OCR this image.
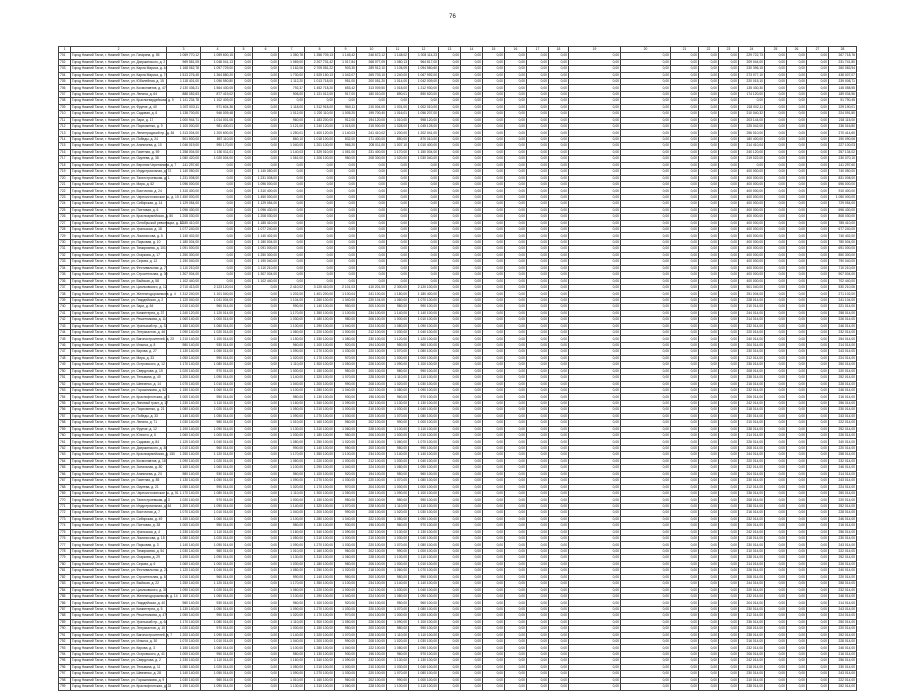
76
1	2	3	4	5	6	7	8	9	10	11	12	13	14	15	16	17	18	19	20	21	22	23	24	25	26	27	28
701	Город Нижний Тагил, г. Нижний Тагил, ул. Гагарина, д. 55	1 069 770,12	1 059 600,15	0,00	0,00	1 350,78	1 358 709,13	1 145,42	246 672,12	1 148,02	1 003 114,23	0,00	0,00	0,00	0,00	0,00	0,00	0,00	0,00	0,00	0,00	0,00	229 722,73	0,00	0,00	0,00	267 718,76
702	Город Нижний Тагил, г. Нижний Тагил, ул. Дзержинского, д. 2	969 581,05	1 048 041,13	0,00	0,00	1 069,00	2 207 731,42	1 017,84	268 077,09	1 080,13	964 617,00	0,00	0,00	0,00	0,00	0,00	0,00	0,00	0,00	0,00	0,00	0,00	209 044,00	0,00	0,00	0,00	231 741,80
703	Город Нижний Тагил, г. Нижний Тагил, ул. Карла Маркса, д. 44	1 168 062,78	1 097 729,00	0,00	0,00	1 162,06	2 705 051,22	903,30	289 912,10	1 105,09	1 094 560,60	0,00	0,00	0,00	0,00	0,00	0,00	0,00	0,00	0,00	0,00	0,00	230 396,15	0,00	0,00	0,00	260 083,94
704	Город Нижний Тагил, г. Нижний Тагил, ул. Карла Маркса, д. 71	1 513 276,45	1 364 880,20	0,00	0,00	1 730,00	1 525 150,13	1 042,07	269 703,10	1 240,00	1 067 992,00	0,00	0,00	0,00	0,00	0,00	0,00	0,00	0,00	0,00	0,00	0,00	273 077,10	0,00	0,00	0,00	438 007,07
705	Город Нижний Тагил, г. Нижний Тагил, ул. Юбилейная, д. 15	1 118 401,00	1 096 550,80	0,00	0,00	1 112,20	1 013 718,00	951,00	200 051,20	1 014,00	1 042 009,00	0,00	0,00	0,00	0,00	0,00	0,00	0,00	0,00	0,00	0,00	0,00	220 015,10	0,00	0,00	0,00	239 008,71
706	Город Нижний Тагил, г. Нижний Тагил, ул. Космонавтов, д. 47	2 130 436,21	1 564 430,05	0,00	0,00	792,37	1 452 718,20	653,42	313 009,50	1 018,00	1 212 930,00	0,00	0,00	0,00	0,00	0,00	0,00	0,00	0,00	0,00	0,00	0,00	135 430,30	0,00	0,00	0,00	145 058,55
707	Город Нижний Тагил, г. Нижний Тагил, ул. Ленина, д. 64	888 052,63	877 419,02	0,00	0,00	906,00	1 121 012,00	917,00	180 010,00	890,01	890 520,00	0,00	0,00	0,00	0,00	0,00	0,00	0,00	0,00	0,00	0,00	0,00	174 120,00	0,00	0,00	0,00	189 034,56
708	Город Нижний Тагил, г. Нижний Тагил, ул. Красногвардейская, д. 9	1 141 234,78	1 102 409,00	0,00	0,00	0,00	0,00	0,00	0,00	0,00	0,00	0,00	0,00	0,00	0,00	0,00	0,00	0,00	0,00	0,00	0,00	0,00	0,00	0,00	0,00	0,00	91 790,45
709	Город Нижний Тагил, г. Нижний Тагил, ул. Фрунзе, д. 40	1 037 003,11	971 604,36	0,00	0,00	1 118,00	1 312 918,00	960,11	210 004,00	1 001,00	1 002 010,00	0,00	0,00	0,00	0,00	0,00	0,00	0,00	0,00	0,00	0,00	0,00	218 002,11	0,00	0,00	0,00	229 190,01
710	Город Нижний Тагил, г. Нижний Тагил, ул. Садовая, д. 6	1 138 700,00	946 009,48	0,00	0,00	1 012,00	1 220 110,00	1 005,20	199 700,40	1 016,01	1 056 207,00	0,00	0,00	0,00	0,00	0,00	0,00	0,00	0,00	0,00	0,00	0,00	210 040,32	0,00	0,00	0,00	224 091,80
711	Город Нижний Тагил, г. Нижний Тагил, ул. Зари, д. 17	1 000 944,71	1 014 001,06	0,00	0,00	960,00	1 183 200,00	912,00	194 120,00	1 010,00	998 120,00	0,00	0,00	0,00	0,00	0,00	0,00	0,00	0,00	0,00	0,00	0,00	203 144,00	0,00	0,00	0,00	218 115,00
712	Город Нижний Тагил, г. Нижний Тагил, ул. Пархоменко, д. 9	1 100 000,00	981 400,01	0,00	0,00	1 121,00	1 240 120,00	1 015,00	215 000,00	1 028,00	1 045 125,00	0,00	0,00	0,00	0,00	0,00	0,00	0,00	0,00	0,00	0,00	0,00	225 042,00	0,00	0,00	0,00	236 016,80
713	Город Нижний Тагил, г. Нижний Тагил, ул. Ленинградский пр., д. 84	1 313 004,00	1 200 600,00	0,00	0,00	1 250,01	1 400 120,00	1 140,03	241 410,02	1 200,00	1 202 041,00	0,00	0,00	0,00	0,00	0,00	0,00	0,00	0,00	0,00	0,00	0,00	256 010,00	0,00	0,00	0,00	270 414,60
714	Город Нижний Тагил, г. Нижний Тагил, ул. Победы, д. 24	901 500,00	857 110,00	0,00	0,00	860,10	1 018 100,00	832,00	171 400,00	850,00	870 010,00	0,00	0,00	0,00	0,00	0,00	0,00	0,00	0,00	0,00	0,00	0,00	180 400,00	0,00	0,00	0,00	190 090,06
715	Город Нижний Тагил, г. Нижний Тагил, ул. Аганичева, д. 10	1 046 019,00	990 170,00	0,00	0,00	1 040,00	1 201 100,00	965,20	205 011,00	1 007,10	1 010 400,00	0,00	0,00	0,00	0,00	0,00	0,00	0,00	0,00	0,00	0,00	0,00	214 410,04	0,00	0,00	0,00	227 100,03
716	Город Нижний Тагил, г. Нижний Тагил, ул. Газетная, д. 59	1 258 004,00	1 150 011,01	0,00	0,00	1 140,03	1 329 010,00	1 051,00	231 400,00	1 170,00	1 150 004,00	0,00	0,00	0,00	0,00	0,00	0,00	0,00	0,00	0,00	0,00	0,00	240 120,00	0,00	0,00	0,00	257 134,02
717	Город Нижний Тагил, г. Нижний Тагил, ул. Окунева, д. 38	1 080 420,00	1 020 004,00	0,00	0,00	1 061,00	1 206 100,00	980,00	208 300,00	1 020,00	1 030 040,00	0,00	0,00	0,00	0,00	0,00	0,00	0,00	0,00	0,00	0,00	0,00	219 022,00	0,00	0,00	0,00	230 070,10
718	Город Нижний Тагил, г. Нижний Тагил, ул. Верхняя Черепанова, д. 7	141 297,60	0,00	0,00	0,00	0,00	0,00	0,00	0,00	0,00	0,00	0,00	0,00	0,00	0,00	0,00	0,00	0,00	0,00	0,00	0,00	0,00	0,00	0,00	0,00	0,00	141 297,60
719	Город Нижний Тагил, г. Нижний Тагил, ул. Индустриальная, д. 72	1 140 050,00	0,00	0,00	1 140 050,00	0,00	0,00	0,00	0,00	0,00	0,00	0,00	0,00	0,00	0,00	0,00	0,00	0,00	0,00	0,00	0,00	0,00	400 000,00	0,00	0,00	0,00	740 050,00
720	Город Нижний Тагил, г. Нижний Тагил, ул. Тагилстроевская, д. 1	1 231 008,00	0,00	0,00	1 231 008,00	0,00	0,00	0,00	0,00	0,00	0,00	0,00	0,00	0,00	0,00	0,00	0,00	0,00	0,00	0,00	0,00	0,00	400 000,00	0,00	0,00	0,00	831 008,00
721	Город Нижний Тагил, г. Нижний Тагил, ул. Мира, д. 62	1 096 000,00	0,00	0,00	1 096 000,00	0,00	0,00	0,00	0,00	0,00	0,00	0,00	0,00	0,00	0,00	0,00	0,00	0,00	0,00	0,00	0,00	0,00	400 000,00	0,00	0,00	0,00	696 000,00
722	Город Нижний Тагил, г. Нижний Тагил, ул. Восточная, д. 24	1 310 400,00	0,00	0,00	1 310 400,00	0,00	0,00	0,00	0,00	0,00	0,00	0,00	0,00	0,00	0,00	0,00	0,00	0,00	0,00	0,00	0,00	0,00	400 000,00	0,00	0,00	0,00	910 400,00
723	Город Нижний Тагил, г. Нижний Тагил, ул. Черноисточинское ш., д. 19	1 450 000,00	0,00	0,00	1 450 000,00	0,00	0,00	0,00	0,00	0,00	0,00	0,00	0,00	0,00	0,00	0,00	0,00	0,00	0,00	0,00	0,00	0,00	400 000,00	0,00	0,00	0,00	1 050 000,00
724	Город Нижний Тагил, г. Нижний Тагил, ул. Сибирская, д. 14	1 129 054,00	0,00	0,00	1 129 054,00	0,00	0,00	0,00	0,00	0,00	0,00	0,00	0,00	0,00	0,00	0,00	0,00	0,00	0,00	0,00	0,00	0,00	400 000,00	0,00	0,00	0,00	729 054,00
725	Город Нижний Тагил, г. Нижний Тагил, ул. Пихтовая, д. 6	1 096 430,00	0,00	0,00	1 096 430,00	0,00	0,00	0,00	0,00	0,00	0,00	0,00	0,00	0,00	0,00	0,00	0,00	0,00	0,00	0,00	0,00	0,00	400 000,00	0,00	0,00	0,00	696 430,00
726	Город Нижний Тагил, г. Нижний Тагил, ул. Красноармейская, д. 80	1 208 030,00	0,00	0,00	1 208 030,00	0,00	0,00	0,00	0,00	0,00	0,00	0,00	0,00	0,00	0,00	0,00	0,00	0,00	0,00	0,00	0,00	0,00	400 000,00	0,00	0,00	0,00	808 030,00
727	Город Нижний Тагил, г. Нижний Тагил, ул. Октябрьской революции, д. 32	1 185 410,00	0,00	0,00	1 185 410,00	0,00	0,00	0,00	0,00	0,00	0,00	0,00	0,00	0,00	0,00	0,00	0,00	0,00	0,00	0,00	0,00	0,00	400 000,00	0,00	0,00	0,00	785 410,00
728	Город Нижний Тагил, г. Нижний Тагил, ул. Уральская, д. 18	1 077 240,00	0,00	0,00	1 077 240,00	0,00	0,00	0,00	0,00	0,00	0,00	0,00	0,00	0,00	0,00	0,00	0,00	0,00	0,00	0,00	0,00	0,00	400 000,00	0,00	0,00	0,00	677 240,00
729	Город Нижний Тагил, г. Нижний Тагил, ул. Ломоносова, д. 5	1 140 402,00	0,00	0,00	1 140 402,00	0,00	0,00	0,00	0,00	0,00	0,00	0,00	0,00	0,00	0,00	0,00	0,00	0,00	0,00	0,00	0,00	0,00	400 000,00	0,00	0,00	0,00	740 402,00
730	Город Нижний Тагил, г. Нижний Тагил, ул. Парковая, д. 10	1 180 004,00	0,00	0,00	1 180 004,00	0,00	0,00	0,00	0,00	0,00	0,00	0,00	0,00	0,00	0,00	0,00	0,00	0,00	0,00	0,00	0,00	0,00	400 000,00	0,00	0,00	0,00	780 004,00
731	Город Нижний Тагил, г. Нижний Тагил, ул. Тимирязева, д. 101	1 091 000,00	0,00	0,00	1 091 000,00	0,00	0,00	0,00	0,00	0,00	0,00	0,00	0,00	0,00	0,00	0,00	0,00	0,00	0,00	0,00	0,00	0,00	400 000,00	0,00	0,00	0,00	691 000,00
732	Город Нижний Тагил, г. Нижний Тагил, ул. Огаркова, д. 17	1 250 300,00	0,00	0,00	1 250 300,00	0,00	0,00	0,00	0,00	0,00	0,00	0,00	0,00	0,00	0,00	0,00	0,00	0,00	0,00	0,00	0,00	0,00	400 000,00	0,00	0,00	0,00	850 300,00
733	Город Нижний Тагил, г. Нижний Тагил, ул. Серова, д. 12	1 190 040,00	0,00	0,00	1 190 040,00	0,00	0,00	0,00	0,00	0,00	0,00	0,00	0,00	0,00	0,00	0,00	0,00	0,00	0,00	0,00	0,00	0,00	400 000,00	0,00	0,00	0,00	790 040,00
734	Город Нижний Тагил, г. Нижний Тагил, ул. Фестивальная, д. 7	1 110 210,00	0,00	0,00	1 110 210,00	0,00	0,00	0,00	0,00	0,00	0,00	0,00	0,00	0,00	0,00	0,00	0,00	0,00	0,00	0,00	0,00	0,00	400 000,00	0,00	0,00	0,00	710 210,00
735	Город Нижний Тагил, г. Нижний Тагил, ул. Строительная, д. 30	1 307 004,00	0,00	0,00	1 307 004,00	0,00	0,00	0,00	0,00	0,00	0,00	0,00	0,00	0,00	0,00	0,00	0,00	0,00	0,00	0,00	0,00	0,00	400 000,00	0,00	0,00	0,00	907 004,00
736	Город Нижний Тагил, г. Нижний Тагил, ул. Выйская, д. 58	1 102 440,00	0,00	0,00	1 102 440,00	0,00	0,00	0,00	0,00	0,00	0,00	0,00	0,00	0,00	0,00	0,00	0,00	0,00	0,00	0,00	0,00	0,00	400 000,00	0,00	0,00	0,00	702 440,00
737	Город Нижний Тагил, г. Нижний Тагил, ул. Циолковского, д. 12	2 710 413,00	2 123 120,04	0,00	0,00	2 410,02	3 120 410,00	2 101,03	410 201,00	2 300,00	2 120 100,00	0,00	0,00	0,00	0,00	0,00	0,00	0,00	0,00	0,00	0,00	0,00	501 040,00	0,00	0,00	0,00	530 210,06
738	Город Нижний Тагил, г. Нижний Тагил, ул. Железнодорожников, д. 4	1 312 240,00	1 101 040,00	0,00	0,00	1 202,00	1 401 200,00	1 100,04	241 100,00	1 180,00	1 180 400,00	0,00	0,00	0,00	0,00	0,00	0,00	0,00	0,00	0,00	0,00	0,00	251 004,00	0,00	0,00	0,00	271 102,00
739	Город Нижний Тагил, г. Нижний Тагил, ул. Гвардейская, д. 2	1 120 040,00	1 041 004,00	0,00	0,00	1 104,00	1 260 100,00	1 040,00	220 104,00	1 060,00	1 070 100,00	0,00	0,00	0,00	0,00	0,00	0,00	0,00	0,00	0,00	0,00	0,00	228 014,00	0,00	0,00	0,00	241 104,00
740	Город Нижний Тагил, г. Нижний Тагил, ул. Зари, д. 64	1 010 140,00	960 014,00	0,00	0,00	990,00	1 140 100,00	950,00	200 100,00	980,00	990 100,00	0,00	0,00	0,00	0,00	0,00	0,00	0,00	0,00	0,00	0,00	0,00	210 014,00	0,00	0,00	0,00	221 014,00
741	Город Нижний Тагил, г. Нижний Тагил, ул. Коминтерна, д. 37	1 240 120,00	1 120 014,00	0,00	0,00	1 170,00	1 350 100,00	1 100,00	234 100,00	1 140,00	1 140 100,00	0,00	0,00	0,00	0,00	0,00	0,00	0,00	0,00	0,00	0,00	0,00	244 014,00	0,00	0,00	0,00	258 014,00
742	Город Нижний Тагил, г. Нижний Тагил, ул. Решетникова, д. 11	1 060 140,00	1 000 014,00	0,00	0,00	1 030,00	1 180 100,00	980,00	206 100,00	1 000,00	1 010 100,00	0,00	0,00	0,00	0,00	0,00	0,00	0,00	0,00	0,00	0,00	0,00	214 014,00	0,00	0,00	0,00	226 014,00
743	Город Нижний Тагил, г. Нижний Тагил, ул. Уральский пр., д. 31	1 160 140,00	1 060 014,00	0,00	0,00	1 100,00	1 290 100,00	1 040,00	224 100,00	1 080,00	1 090 100,00	0,00	0,00	0,00	0,00	0,00	0,00	0,00	0,00	0,00	0,00	0,00	232 014,00	0,00	0,00	0,00	246 014,00
744	Город Нижний Тагил, г. Нижний Тагил, ул. Энтузиастов, д. 46	1 090 140,00	1 020 014,00	0,00	0,00	1 060,00	1 220 100,00	1 000,00	212 100,00	1 030,00	1 040 100,00	0,00	0,00	0,00	0,00	0,00	0,00	0,00	0,00	0,00	0,00	0,00	220 014,00	0,00	0,00	0,00	232 014,00
745	Город Нижний Тагил, г. Нижний Тагил, ул. Вагоностроителей, д. 23	1 210 140,00	1 100 014,00	0,00	0,00	1 150,00	1 330 100,00	1 080,00	230 100,00	1 120,00	1 120 100,00	0,00	0,00	0,00	0,00	0,00	0,00	0,00	0,00	0,00	0,00	0,00	240 014,00	0,00	0,00	0,00	254 014,00
746	Город Нижний Тагил, г. Нижний Тагил, ул. Ильича, д. 8	980 140,00	930 014,00	0,00	0,00	960,00	1 100 100,00	920,00	194 100,00	950,00	960 100,00	0,00	0,00	0,00	0,00	0,00	0,00	0,00	0,00	0,00	0,00	0,00	204 014,00	0,00	0,00	0,00	214 014,00
747	Город Нижний Тагил, г. Нижний Тагил, ул. Кирова, д. 27	1 130 140,00	1 050 014,00	0,00	0,00	1 090,00	1 270 100,00	1 030,00	220 100,00	1 070,00	1 080 100,00	0,00	0,00	0,00	0,00	0,00	0,00	0,00	0,00	0,00	0,00	0,00	230 014,00	0,00	0,00	0,00	243 014,00
748	Город Нижний Тагил, г. Нижний Тагил, ул. Мира, д. 33	1 050 140,00	990 014,00	0,00	0,00	1 020,00	1 170 100,00	970,00	204 100,00	1 000,00	1 000 100,00	0,00	0,00	0,00	0,00	0,00	0,00	0,00	0,00	0,00	0,00	0,00	212 014,00	0,00	0,00	0,00	224 014,00
749	Город Нижний Тагил, г. Нижний Тагил, ул. Островского, д. 12	1 170 140,00	1 080 014,00	0,00	0,00	1 110,00	1 300 100,00	1 050,00	226 100,00	1 090,00	1 100 100,00	0,00	0,00	0,00	0,00	0,00	0,00	0,00	0,00	0,00	0,00	0,00	236 014,00	0,00	0,00	0,00	250 014,00
750	Город Нижний Тагил, г. Нижний Тагил, ул. Свердлова, д. 19	1 020 140,00	970 014,00	0,00	0,00	1 000,00	1 150 100,00	950,00	200 100,00	980,00	990 100,00	0,00	0,00	0,00	0,00	0,00	0,00	0,00	0,00	0,00	0,00	0,00	208 014,00	0,00	0,00	0,00	220 014,00
751	Город Нижний Тагил, г. Нижний Тагил, ул. Тельмана, д. 40	1 200 140,00	1 090 014,00	0,00	0,00	1 140,00	1 320 100,00	1 070,00	228 100,00	1 110,00	1 110 100,00	0,00	0,00	0,00	0,00	0,00	0,00	0,00	0,00	0,00	0,00	0,00	238 014,00	0,00	0,00	0,00	252 014,00
752	Город Нижний Тагил, г. Нижний Тагил, ул. Шевченко, д. 14	1 070 140,00	1 010 014,00	0,00	0,00	1 040,00	1 200 100,00	990,00	208 100,00	1 020,00	1 030 100,00	0,00	0,00	0,00	0,00	0,00	0,00	0,00	0,00	0,00	0,00	0,00	216 014,00	0,00	0,00	0,00	228 014,00
753	Город Нижний Тагил, г. Нижний Тагил, ул. Горошникова, д. 52	1 150 140,00	1 060 014,00	0,00	0,00	1 100,00	1 280 100,00	1 040,00	222 100,00	1 080,00	1 090 100,00	0,00	0,00	0,00	0,00	0,00	0,00	0,00	0,00	0,00	0,00	0,00	232 014,00	0,00	0,00	0,00	246 014,00
754	Город Нижний Тагил, г. Нижний Тагил, ул. Краснофлотская, д. 5	1 000 140,00	950 014,00	0,00	0,00	980,00	1 130 100,00	930,00	196 100,00	960,00	970 100,00	0,00	0,00	0,00	0,00	0,00	0,00	0,00	0,00	0,00	0,00	0,00	206 014,00	0,00	0,00	0,00	216 014,00
755	Город Нижний Тагил, г. Нижний Тагил, ул. Липовый тракт, д. 17	1 230 140,00	1 110 014,00	0,00	0,00	1 160,00	1 340 100,00	1 090,00	232 100,00	1 130,00	1 130 100,00	0,00	0,00	0,00	0,00	0,00	0,00	0,00	0,00	0,00	0,00	0,00	242 014,00	0,00	0,00	0,00	256 014,00
756	Город Нижний Тагил, г. Нижний Тагил, ул. Пархоменко, д. 21	1 080 140,00	1 020 014,00	0,00	0,00	1 050,00	1 210 100,00	1 000,00	210 100,00	1 030,00	1 040 100,00	0,00	0,00	0,00	0,00	0,00	0,00	0,00	0,00	0,00	0,00	0,00	218 014,00	0,00	0,00	0,00	230 014,00
757	Город Нижний Тагил, г. Нижний Тагил, ул. Победы, д. 33	1 140 140,00	1 050 014,00	0,00	0,00	1 090,00	1 270 100,00	1 030,00	220 100,00	1 070,00	1 080 100,00	0,00	0,00	0,00	0,00	0,00	0,00	0,00	0,00	0,00	0,00	0,00	230 014,00	0,00	0,00	0,00	243 014,00
758	Город Нижний Тагил, г. Нижний Тагил, ул. Ленина, д. 71	1 030 140,00	980 014,00	0,00	0,00	1 010,00	1 160 100,00	960,00	202 100,00	990,00	1 000 100,00	0,00	0,00	0,00	0,00	0,00	0,00	0,00	0,00	0,00	0,00	0,00	210 014,00	0,00	0,00	0,00	222 014,00
759	Город Нижний Тагил, г. Нижний Тагил, ул. Фрунзе, д. 12	1 190 140,00	1 090 014,00	0,00	0,00	1 130,00	1 310 100,00	1 060,00	228 100,00	1 100,00	1 110 100,00	0,00	0,00	0,00	0,00	0,00	0,00	0,00	0,00	0,00	0,00	0,00	238 014,00	0,00	0,00	0,00	252 014,00
760	Город Нижний Тагил, г. Нижний Тагил, ул. Юности, д. 6	1 060 140,00	1 000 014,00	0,00	0,00	1 030,00	1 180 100,00	980,00	206 100,00	1 000,00	1 010 100,00	0,00	0,00	0,00	0,00	0,00	0,00	0,00	0,00	0,00	0,00	0,00	214 014,00	0,00	0,00	0,00	226 014,00
761	Город Нижний Тагил, г. Нижний Тагил, ул. Садовая, д. 84	1 120 140,00	1 040 014,00	0,00	0,00	1 080,00	1 250 100,00	1 020,00	218 100,00	1 060,00	1 070 100,00	0,00	0,00	0,00	0,00	0,00	0,00	0,00	0,00	0,00	0,00	0,00	226 014,00	0,00	0,00	0,00	240 014,00
762	Город Нижний Тагил, г. Нижний Тагил, ул. Дзержинского, д. 36	1 010 140,00	960 014,00	0,00	0,00	990,00	1 140 100,00	950,00	200 100,00	980,00	990 100,00	0,00	0,00	0,00	0,00	0,00	0,00	0,00	0,00	0,00	0,00	0,00	208 014,00	0,00	0,00	0,00	220 014,00
763	Город Нижний Тагил, г. Нижний Тагил, ул. Красноармейская, д. 150	1 250 140,00	1 120 014,00	0,00	0,00	1 170,00	1 350 100,00	1 100,00	234 100,00	1 140,00	1 140 100,00	0,00	0,00	0,00	0,00	0,00	0,00	0,00	0,00	0,00	0,00	0,00	244 014,00	0,00	0,00	0,00	258 014,00
764	Город Нижний Тагил, г. Нижний Тагил, ул. Космонавтов, д. 18	1 090 140,00	1 020 014,00	0,00	0,00	1 060,00	1 220 100,00	1 000,00	212 100,00	1 030,00	1 040 100,00	0,00	0,00	0,00	0,00	0,00	0,00	0,00	0,00	0,00	0,00	0,00	220 014,00	0,00	0,00	0,00	232 014,00
765	Город Нижний Тагил, г. Нижний Тагил, ул. Зональная, д. 80	1 160 140,00	1 060 014,00	0,00	0,00	1 100,00	1 290 100,00	1 040,00	224 100,00	1 080,00	1 090 100,00	0,00	0,00	0,00	0,00	0,00	0,00	0,00	0,00	0,00	0,00	0,00	232 014,00	0,00	0,00	0,00	246 014,00
766	Город Нижний Тагил, г. Нижний Тагил, ул. Аганичева, д. 24	980 140,00	930 014,00	0,00	0,00	960,00	1 100 100,00	920,00	194 100,00	950,00	960 100,00	0,00	0,00	0,00	0,00	0,00	0,00	0,00	0,00	0,00	0,00	0,00	204 014,00	0,00	0,00	0,00	214 014,00
767	Город Нижний Тагил, г. Нижний Тагил, ул. Газетная, д. 85	1 130 140,00	1 050 014,00	0,00	0,00	1 090,00	1 270 100,00	1 030,00	220 100,00	1 070,00	1 080 100,00	0,00	0,00	0,00	0,00	0,00	0,00	0,00	0,00	0,00	0,00	0,00	230 014,00	0,00	0,00	0,00	243 014,00
768	Город Нижний Тагил, г. Нижний Тагил, ул. Окунева, д. 21	1 050 140,00	990 014,00	0,00	0,00	1 020,00	1 170 100,00	970,00	204 100,00	1 000,00	1 000 100,00	0,00	0,00	0,00	0,00	0,00	0,00	0,00	0,00	0,00	0,00	0,00	212 014,00	0,00	0,00	0,00	224 014,00
769	Город Нижний Тагил, г. Нижний Тагил, ул. Черноисточинское ш., д. 51	1 170 140,00	1 080 014,00	0,00	0,00	1 110,00	1 300 100,00	1 050,00	226 100,00	1 090,00	1 100 100,00	0,00	0,00	0,00	0,00	0,00	0,00	0,00	0,00	0,00	0,00	0,00	236 014,00	0,00	0,00	0,00	250 014,00
770	Город Нижний Тагил, г. Нижний Тагил, ул. Тагилстроевская, д. 3	1 020 140,00	970 014,00	0,00	0,00	1 000,00	1 150 100,00	950,00	200 100,00	980,00	990 100,00	0,00	0,00	0,00	0,00	0,00	0,00	0,00	0,00	0,00	0,00	0,00	208 014,00	0,00	0,00	0,00	220 014,00
771	Город Нижний Тагил, г. Нижний Тагил, ул. Индустриальная, д. 46	1 200 140,00	1 090 014,00	0,00	0,00	1 140,00	1 320 100,00	1 070,00	228 100,00	1 110,00	1 110 100,00	0,00	0,00	0,00	0,00	0,00	0,00	0,00	0,00	0,00	0,00	0,00	238 014,00	0,00	0,00	0,00	252 014,00
772	Город Нижний Тагил, г. Нижний Тагил, ул. Восточная, д. 7	1 070 140,00	1 010 014,00	0,00	0,00	1 040,00	1 200 100,00	990,00	208 100,00	1 020,00	1 030 100,00	0,00	0,00	0,00	0,00	0,00	0,00	0,00	0,00	0,00	0,00	0,00	216 014,00	0,00	0,00	0,00	228 014,00
773	Город Нижний Тагил, г. Нижний Тагил, ул. Сибирская, д. 49	1 150 140,00	1 060 014,00	0,00	0,00	1 100,00	1 280 100,00	1 040,00	222 100,00	1 080,00	1 090 100,00	0,00	0,00	0,00	0,00	0,00	0,00	0,00	0,00	0,00	0,00	0,00	232 014,00	0,00	0,00	0,00	246 014,00
774	Город Нижний Тагил, г. Нижний Тагил, ул. Пихтовая, д. 38	1 000 140,00	950 014,00	0,00	0,00	980,00	1 130 100,00	930,00	196 100,00	960,00	970 100,00	0,00	0,00	0,00	0,00	0,00	0,00	0,00	0,00	0,00	0,00	0,00	206 014,00	0,00	0,00	0,00	216 014,00
775	Город Нижний Тагил, г. Нижний Тагил, ул. Уральская, д. 4	1 230 140,00	1 110 014,00	0,00	0,00	1 160,00	1 340 100,00	1 090,00	232 100,00	1 130,00	1 130 100,00	0,00	0,00	0,00	0,00	0,00	0,00	0,00	0,00	0,00	0,00	0,00	242 014,00	0,00	0,00	0,00	256 014,00
776	Город Нижний Тагил, г. Нижний Тагил, ул. Ломоносова, д. 15	1 080 140,00	1 020 014,00	0,00	0,00	1 050,00	1 210 100,00	1 000,00	210 100,00	1 030,00	1 040 100,00	0,00	0,00	0,00	0,00	0,00	0,00	0,00	0,00	0,00	0,00	0,00	218 014,00	0,00	0,00	0,00	230 014,00
777	Город Нижний Тагил, г. Нижний Тагил, ул. Парковая, д. 3	1 140 140,00	1 050 014,00	0,00	0,00	1 090,00	1 270 100,00	1 030,00	220 100,00	1 070,00	1 080 100,00	0,00	0,00	0,00	0,00	0,00	0,00	0,00	0,00	0,00	0,00	0,00	230 014,00	0,00	0,00	0,00	243 014,00
778	Город Нижний Тагил, г. Нижний Тагил, ул. Тимирязева, д. 54	1 030 140,00	980 014,00	0,00	0,00	1 010,00	1 160 100,00	960,00	202 100,00	990,00	1 000 100,00	0,00	0,00	0,00	0,00	0,00	0,00	0,00	0,00	0,00	0,00	0,00	210 014,00	0,00	0,00	0,00	222 014,00
779	Город Нижний Тагил, г. Нижний Тагил, ул. Огаркова, д. 29	1 190 140,00	1 090 014,00	0,00	0,00	1 130,00	1 310 100,00	1 060,00	228 100,00	1 100,00	1 110 100,00	0,00	0,00	0,00	0,00	0,00	0,00	0,00	0,00	0,00	0,00	0,00	238 014,00	0,00	0,00	0,00	252 014,00
780	Город Нижний Тагил, г. Нижний Тагил, ул. Серова, д. 6	1 060 140,00	1 000 014,00	0,00	0,00	1 030,00	1 180 100,00	980,00	206 100,00	1 000,00	1 010 100,00	0,00	0,00	0,00	0,00	0,00	0,00	0,00	0,00	0,00	0,00	0,00	214 014,00	0,00	0,00	0,00	226 014,00
781	Город Нижний Тагил, г. Нижний Тагил, ул. Фестивальная, д. 21	1 120 140,00	1 040 014,00	0,00	0,00	1 080,00	1 250 100,00	1 020,00	218 100,00	1 060,00	1 070 100,00	0,00	0,00	0,00	0,00	0,00	0,00	0,00	0,00	0,00	0,00	0,00	226 014,00	0,00	0,00	0,00	240 014,00
782	Город Нижний Тагил, г. Нижний Тагил, ул. Строительная, д. 8	1 010 140,00	960 014,00	0,00	0,00	990,00	1 140 100,00	950,00	200 100,00	980,00	990 100,00	0,00	0,00	0,00	0,00	0,00	0,00	0,00	0,00	0,00	0,00	0,00	208 014,00	0,00	0,00	0,00	220 014,00
783	Город Нижний Тагил, г. Нижний Тагил, ул. Выйская, д. 22	1 250 140,00	1 120 014,00	0,00	0,00	1 170,00	1 350 100,00	1 100,00	234 100,00	1 140,00	1 140 100,00	0,00	0,00	0,00	0,00	0,00	0,00	0,00	0,00	0,00	0,00	0,00	244 014,00	0,00	0,00	0,00	258 014,00
784	Город Нижний Тагил, г. Нижний Тагил, ул. Циолковского, д. 30	1 090 140,00	1 020 014,00	0,00	0,00	1 060,00	1 220 100,00	1 000,00	212 100,00	1 030,00	1 040 100,00	0,00	0,00	0,00	0,00	0,00	0,00	0,00	0,00	0,00	0,00	0,00	220 014,00	0,00	0,00	0,00	232 014,00
785	Город Нижний Тагил, г. Нижний Тагил, ул. Железнодорожников, д. 14	1 160 140,00	1 060 014,00	0,00	0,00	1 100,00	1 290 100,00	1 040,00	224 100,00	1 080,00	1 090 100,00	0,00	0,00	0,00	0,00	0,00	0,00	0,00	0,00	0,00	0,00	0,00	232 014,00	0,00	0,00	0,00	246 014,00
786	Город Нижний Тагил, г. Нижний Тагил, ул. Гвардейская, д. 40	980 140,00	930 014,00	0,00	0,00	960,00	1 100 100,00	920,00	194 100,00	950,00	960 100,00	0,00	0,00	0,00	0,00	0,00	0,00	0,00	0,00	0,00	0,00	0,00	204 014,00	0,00	0,00	0,00	214 014,00
787	Город Нижний Тагил, г. Нижний Тагил, ул. Коминтерна, д. 5	1 130 140,00	1 050 014,00	0,00	0,00	1 090,00	1 270 100,00	1 030,00	220 100,00	1 070,00	1 080 100,00	0,00	0,00	0,00	0,00	0,00	0,00	0,00	0,00	0,00	0,00	0,00	230 014,00	0,00	0,00	0,00	243 014,00
788	Город Нижний Тагил, г. Нижний Тагил, ул. Решетникова, д. 47	1 050 140,00	990 014,00	0,00	0,00	1 020,00	1 170 100,00	970,00	204 100,00	1 000,00	1 000 100,00	0,00	0,00	0,00	0,00	0,00	0,00	0,00	0,00	0,00	0,00	0,00	212 014,00	0,00	0,00	0,00	224 014,00
789	Город Нижний Тагил, г. Нижний Тагил, ул. Уральский пр., д. 64	1 170 140,00	1 080 014,00	0,00	0,00	1 110,00	1 300 100,00	1 050,00	226 100,00	1 090,00	1 100 100,00	0,00	0,00	0,00	0,00	0,00	0,00	0,00	0,00	0,00	0,00	0,00	236 014,00	0,00	0,00	0,00	250 014,00
790	Город Нижний Тагил, г. Нижний Тагил, ул. Энтузиастов, д. 10	1 020 140,00	970 014,00	0,00	0,00	1 000,00	1 150 100,00	950,00	200 100,00	980,00	990 100,00	0,00	0,00	0,00	0,00	0,00	0,00	0,00	0,00	0,00	0,00	0,00	208 014,00	0,00	0,00	0,00	220 014,00
791	Город Нижний Тагил, г. Нижний Тагил, ул. Вагоностроителей, д. 7	1 200 140,00	1 090 014,00	0,00	0,00	1 140,00	1 320 100,00	1 070,00	228 100,00	1 110,00	1 110 100,00	0,00	0,00	0,00	0,00	0,00	0,00	0,00	0,00	0,00	0,00	0,00	238 014,00	0,00	0,00	0,00	252 014,00
792	Город Нижний Тагил, г. Нижний Тагил, ул. Ильича, д. 30	1 070 140,00	1 010 014,00	0,00	0,00	1 040,00	1 200 100,00	990,00	208 100,00	1 020,00	1 030 100,00	0,00	0,00	0,00	0,00	0,00	0,00	0,00	0,00	0,00	0,00	0,00	216 014,00	0,00	0,00	0,00	228 014,00
793	Город Нижний Тагил, г. Нижний Тагил, ул. Кирова, д. 3	1 150 140,00	1 060 014,00	0,00	0,00	1 100,00	1 280 100,00	1 040,00	222 100,00	1 080,00	1 090 100,00	0,00	0,00	0,00	0,00	0,00	0,00	0,00	0,00	0,00	0,00	0,00	232 014,00	0,00	0,00	0,00	246 014,00
794	Город Нижний Тагил, г. Нижний Тагил, ул. Островского, д. 41	1 000 140,00	950 014,00	0,00	0,00	980,00	1 130 100,00	930,00	196 100,00	960,00	970 100,00	0,00	0,00	0,00	0,00	0,00	0,00	0,00	0,00	0,00	0,00	0,00	206 014,00	0,00	0,00	0,00	216 014,00
795	Город Нижний Тагил, г. Нижний Тагил, ул. Свердлова, д. 2	1 230 140,00	1 110 014,00	0,00	0,00	1 160,00	1 340 100,00	1 090,00	232 100,00	1 130,00	1 130 100,00	0,00	0,00	0,00	0,00	0,00	0,00	0,00	0,00	0,00	0,00	0,00	242 014,00	0,00	0,00	0,00	256 014,00
796	Город Нижний Тагил, г. Нижний Тагил, ул. Тельмана, д. 11	1 080 140,00	1 020 014,00	0,00	0,00	1 050,00	1 210 100,00	1 000,00	210 100,00	1 030,00	1 040 100,00	0,00	0,00	0,00	0,00	0,00	0,00	0,00	0,00	0,00	0,00	0,00	218 014,00	0,00	0,00	0,00	230 014,00
797	Город Нижний Тагил, г. Нижний Тагил, ул. Шевченко, д. 28	1 140 140,00	1 050 014,00	0,00	0,00	1 090,00	1 270 100,00	1 030,00	220 100,00	1 070,00	1 080 100,00	0,00	0,00	0,00	0,00	0,00	0,00	0,00	0,00	0,00	0,00	0,00	230 014,00	0,00	0,00	0,00	243 014,00
798	Город Нижний Тагил, г. Нижний Тагил, ул. Горошникова, д. 9	1 030 140,00	980 014,00	0,00	0,00	1 010,00	1 160 100,00	960,00	202 100,00	990,00	1 000 100,00	0,00	0,00	0,00	0,00	0,00	0,00	0,00	0,00	0,00	0,00	0,00	210 014,00	0,00	0,00	0,00	222 014,00
799	Город Нижний Тагил, г. Нижний Тагил, ул. Краснофлотская, д. 33	1 190 140,00	1 090 014,00	0,00	0,00	1 130,00	1 310 100,00	1 060,00	228 100,00	1 100,00	1 110 100,00	0,00	0,00	0,00	0,00	0,00	0,00	0,00	0,00	0,00	0,00	0,00	238 014,00	0,00	0,00	0,00	252 014,00
